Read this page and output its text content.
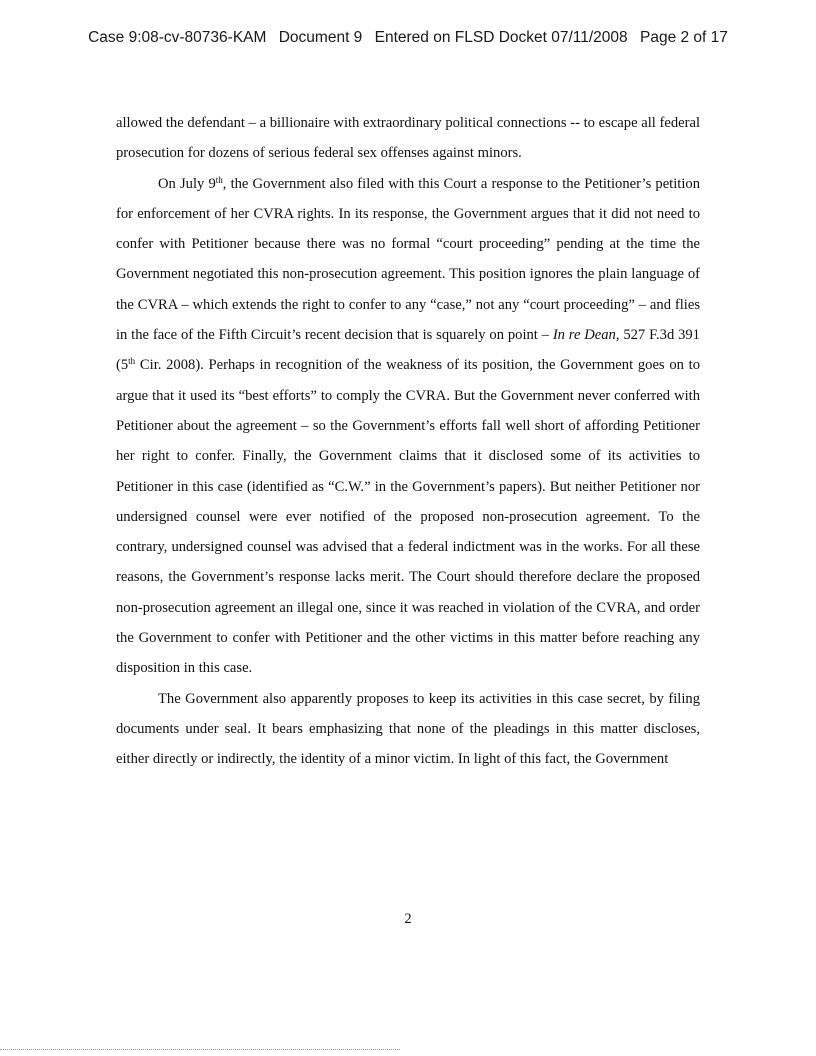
Case 9:08-cv-80736-KAM Document 9 Entered on FLSD Docket 07/11/2008 Page 2 of 17

allowed the defendant – a billionaire with extraordinary political connections -- to escape all federal prosecution for dozens of serious federal sex offenses against minors.

On July 9th, the Government also filed with this Court a response to the Petitioner’s petition for enforcement of her CVRA rights. In its response, the Government argues that it did not need to confer with Petitioner because there was no formal “court proceeding” pending at the time the Government negotiated this non-prosecution agreement. This position ignores the plain language of the CVRA – which extends the right to confer to any “case,” not any “court proceeding” – and flies in the face of the Fifth Circuit’s recent decision that is squarely on point – In re Dean, 527 F.3d 391 (5th Cir. 2008). Perhaps in recognition of the weakness of its position, the Government goes on to argue that it used its “best efforts” to comply the CVRA. But the Government never conferred with Petitioner about the agreement – so the Government’s efforts fall well short of affording Petitioner her right to confer. Finally, the Government claims that it disclosed some of its activities to Petitioner in this case (identified as “C.W.” in the Government’s papers). But neither Petitioner nor undersigned counsel were ever notified of the proposed non-prosecution agreement. To the contrary, undersigned counsel was advised that a federal indictment was in the works. For all these reasons, the Government’s response lacks merit. The Court should therefore declare the proposed non-prosecution agreement an illegal one, since it was reached in violation of the CVRA, and order the Government to confer with Petitioner and the other victims in this matter before reaching any disposition in this case.

The Government also apparently proposes to keep its activities in this case secret, by filing documents under seal. It bears emphasizing that none of the pleadings in this matter discloses, either directly or indirectly, the identity of a minor victim. In light of this fact, the Government

2
